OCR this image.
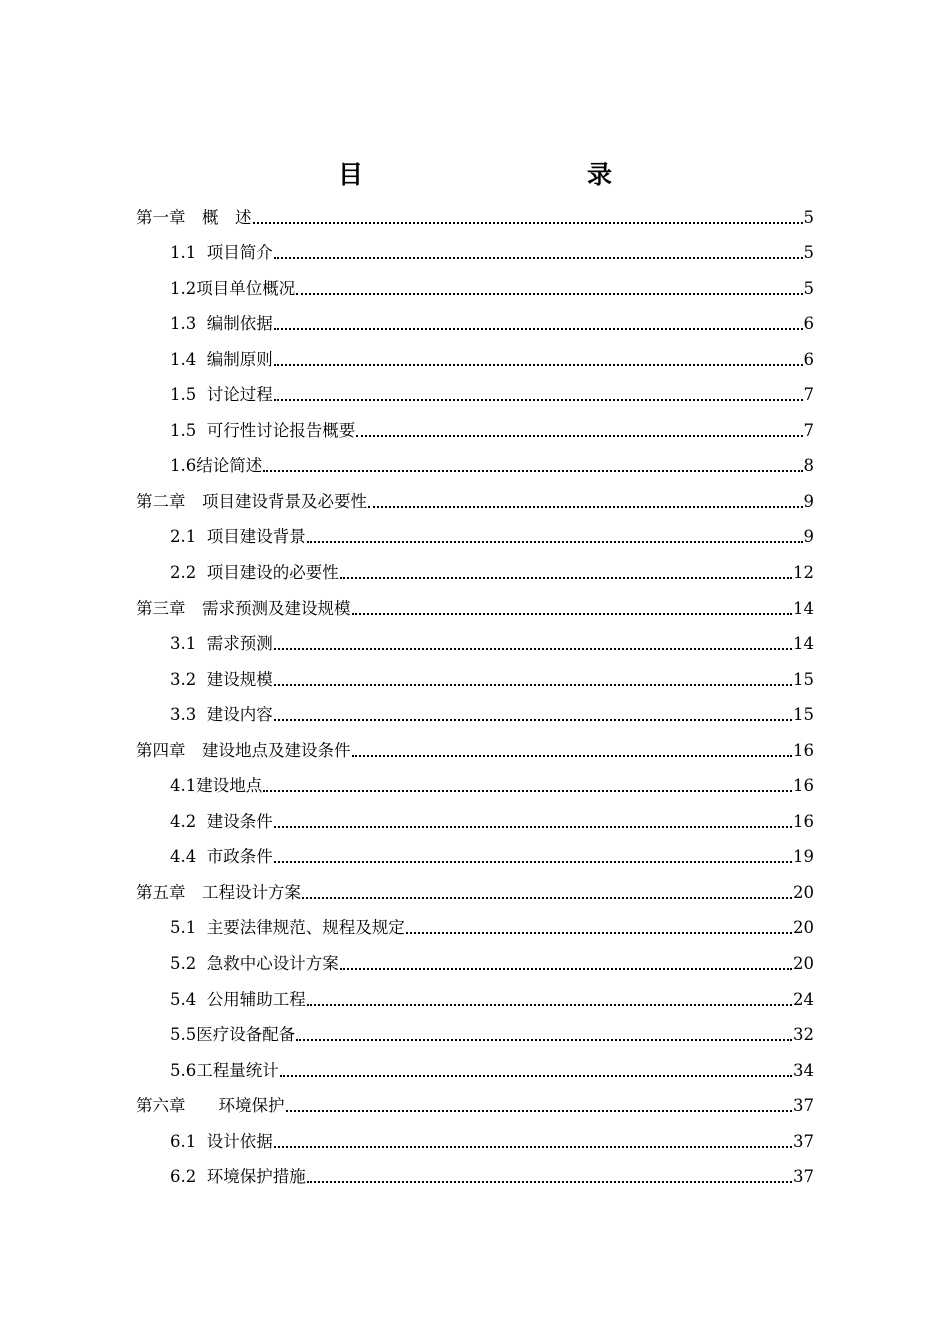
目　　录
第一章　概　述	5
1.1  项目简介	5
1.2项目单位概况	5
1.3  编制依据	6
1.4  编制原则	6
1.5  讨论过程	7
1.5  可行性讨论报告概要	7
1.6结论简述	8
第二章　项目建设背景及必要性	9
2.1  项目建设背景	9
2.2  项目建设的必要性	12
第三章　需求预测及建设规模	14
3.1  需求预测	14
3.2  建设规模	15
3.3  建设内容	15
第四章　建设地点及建设条件	16
4.1建设地点	16
4.2  建设条件	16
4.4  市政条件	19
第五章　工程设计方案	20
5.1  主要法律规范、规程及规定	20
5.2  急救中心设计方案	20
5.4  公用辅助工程	24
5.5医疗设备配备	32
5.6工程量统计	34
第六章　　环境保护	37
6.1  设计依据	37
6.2  环境保护措施	37
